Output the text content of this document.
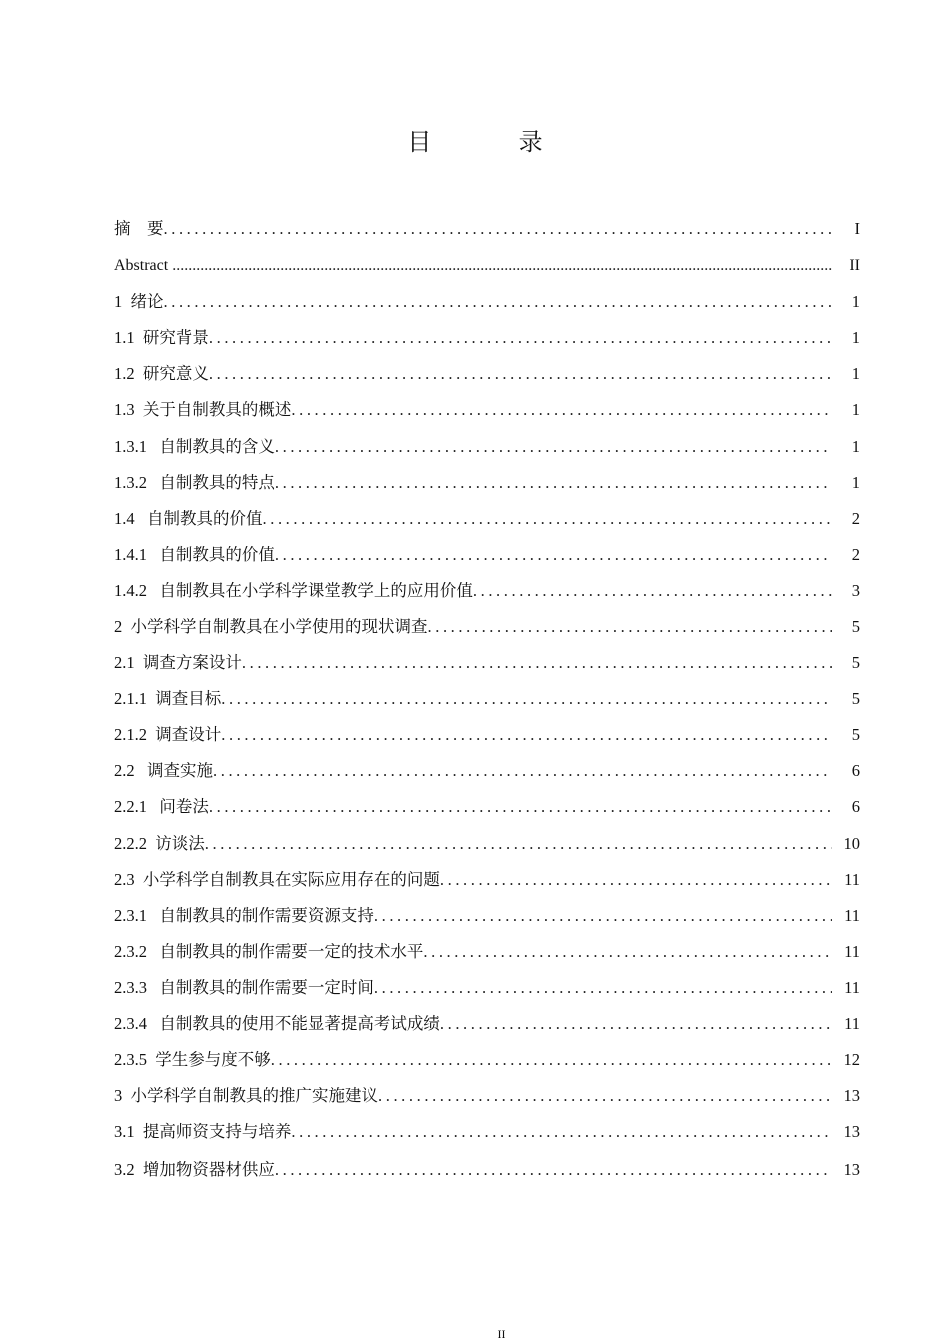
目  录
摘    要 .....	I
Abstract .....	II
1  绪论 .....	1
1.1  研究背景 .....	1
1.2  研究意义 .....	1
1.3  关于自制教具的概述 .....	1
1.3.1   自制教具的含义 .....	1
1.3.2   自制教具的特点 .....	1
1.4   自制教具的价值 .....	2
1.4.1   自制教具的价值 .....	2
1.4.2   自制教具在小学科学课堂教学上的应用价值 .....	3
2  小学科学自制教具在小学使用的现状调查 .....	5
2.1  调查方案设计 .....	5
2.1.1  调查目标 .....	5
2.1.2  调查设计 .....	5
2.2   调查实施 .....	6
2.2.1   问卷法 .....	6
2.2.2  访谈法 .....	10
2.3  小学科学自制教具在实际应用存在的问题 .....	11
2.3.1   自制教具的制作需要资源支持 .....	11
2.3.2   自制教具的制作需要一定的技术水平 .....	11
2.3.3   自制教具的制作需要一定时间 .....	11
2.3.4   自制教具的使用不能显著提高考试成绩 .....	11
2.3.5  学生参与度不够 .....	12
3  小学科学自制教具的推广实施建议 .....	13
3.1  提高师资支持与培养 .....	13
3.2  增加物资器材供应 .....	13
II
